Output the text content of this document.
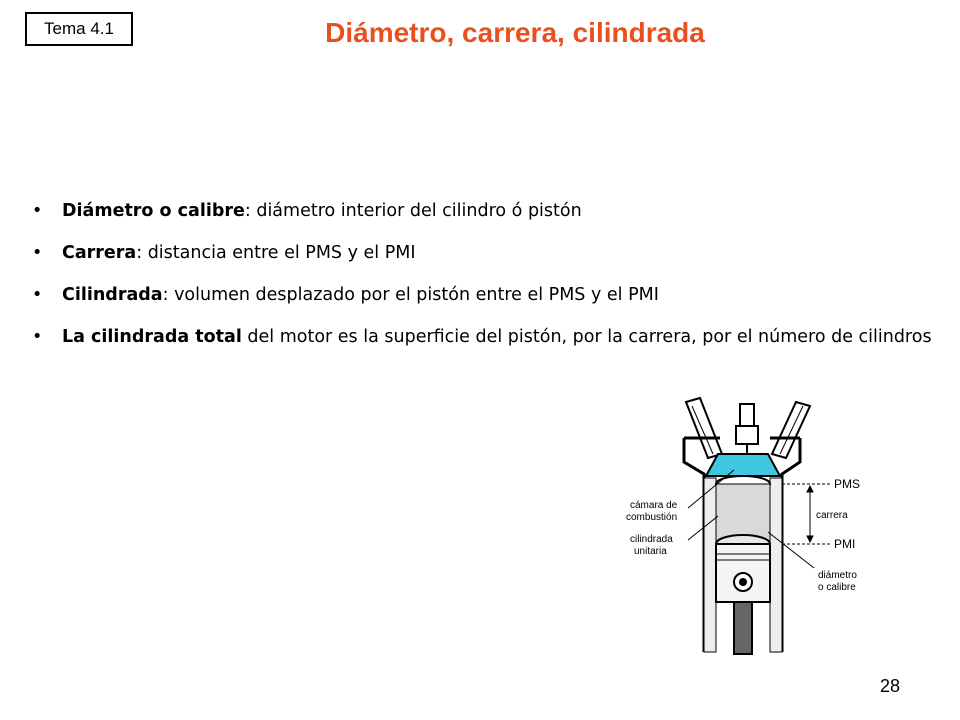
Tema 4.1	Diámetro, carrera, cilindrada
• Diámetro o calibre: diámetro interior del cilindro ó pistón
• Carrera: distancia entre el PMS y el PMI
• Cilindrada: volumen desplazado por el pistón entre el PMS y el PMI
• La cilindrada total del motor es la superficie del pistón, por la carrera, por el número de cilindros
PMS
PMI
carrera
cámara de
combustión
cilindrada
unitaria
diámetro
o calibre
28
